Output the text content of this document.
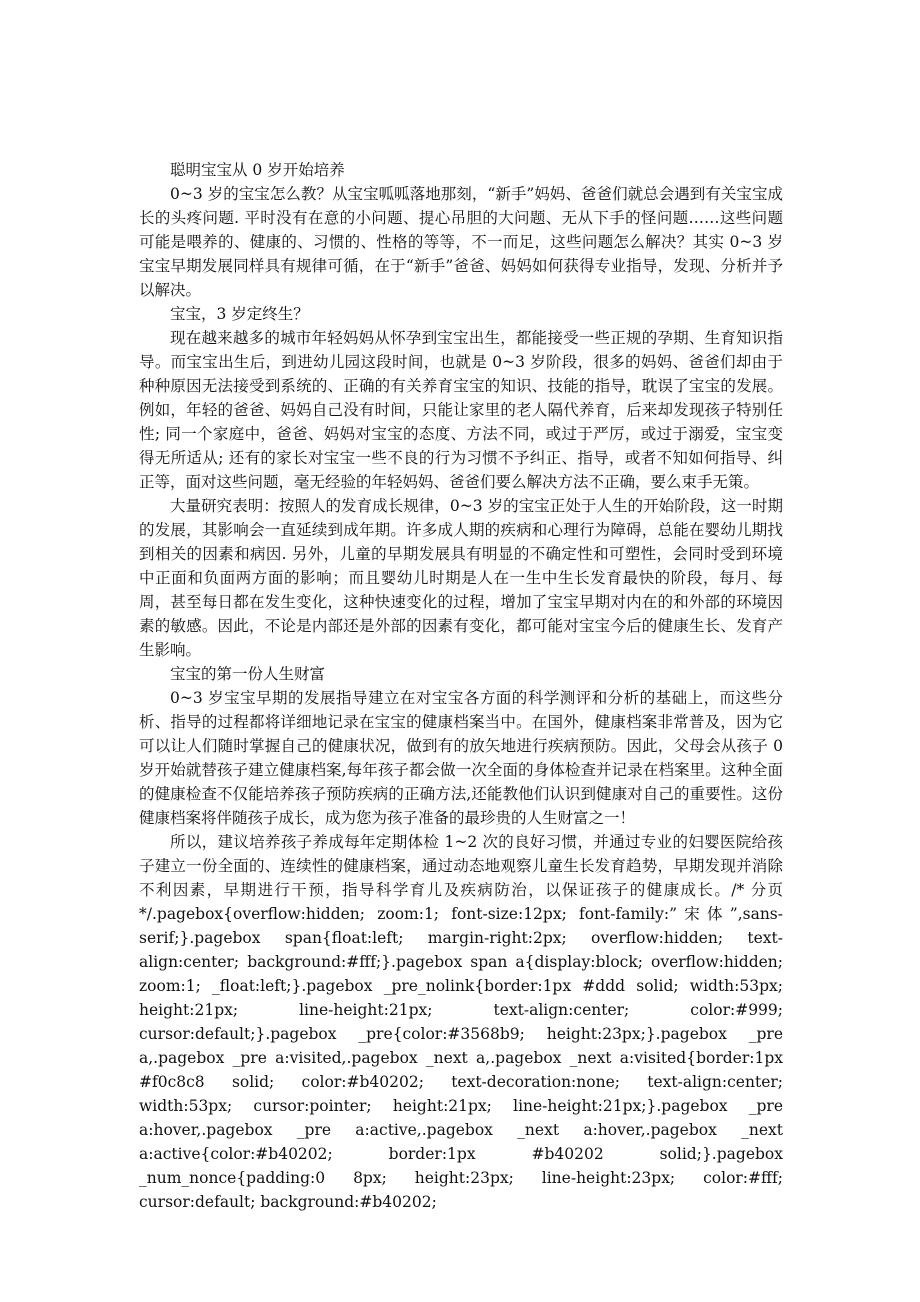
聪明宝宝从 0 岁开始培养

0~3 岁的宝宝怎么教？从宝宝呱呱落地那刻，“新手”妈妈、爸爸们就总会遇到有关宝宝成长的头疼问题. 平时没有在意的小问题、提心吊胆的大问题、无从下手的怪问题……这些问题可能是喂养的、健康的、习惯的、性格的等等，不一而足，这些问题怎么解决？其实 0~3 岁宝宝早期发展同样具有规律可循，在于“新手”爸爸、妈妈如何获得专业指导，发现、分析并予以解决。

宝宝，3 岁定终生？

现在越来越多的城市年轻妈妈从怀孕到宝宝出生，都能接受一些正规的孕期、生育知识指导。而宝宝出生后，到进幼儿园这段时间，也就是 0~3 岁阶段，很多的妈妈、爸爸们却由于种种原因无法接受到系统的、正确的有关养育宝宝的知识、技能的指导，耽误了宝宝的发展。例如，年轻的爸爸、妈妈自己没有时间，只能让家里的老人隔代养育，后来却发现孩子特别任性; 同一个家庭中，爸爸、妈妈对宝宝的态度、方法不同，或过于严厉，或过于溺爱，宝宝变得无所适从; 还有的家长对宝宝一些不良的行为习惯不予纠正、指导，或者不知如何指导、纠正等，面对这些问题，毫无经验的年轻妈妈、爸爸们要么解决方法不正确，要么束手无策。

大量研究表明：按照人的发育成长规律，0~3 岁的宝宝正处于人生的开始阶段，这一时期的发展，其影响会一直延续到成年期。许多成人期的疾病和心理行为障碍，总能在婴幼儿期找到相关的因素和病因. 另外，儿童的早期发展具有明显的不确定性和可塑性，会同时受到环境中正面和负面两方面的影响；而且婴幼儿时期是人在一生中生长发育最快的阶段，每月、每周，甚至每日都在发生变化，这种快速变化的过程，增加了宝宝早期对内在的和外部的环境因素的敏感。因此，不论是内部还是外部的因素有变化，都可能对宝宝今后的健康生长、发育产生影响。

宝宝的第一份人生财富

0~3 岁宝宝早期的发展指导建立在对宝宝各方面的科学测评和分析的基础上，而这些分析、指导的过程都将详细地记录在宝宝的健康档案当中。在国外，健康档案非常普及，因为它可以让人们随时掌握自己的健康状况，做到有的放矢地进行疾病预防。因此，父母会从孩子 0 岁开始就替孩子建立健康档案,每年孩子都会做一次全面的身体检查并记录在档案里。这种全面的健康检查不仅能培养孩子预防疾病的正确方法,还能教他们认识到健康对自己的重要性。这份健康档案将伴随孩子成长，成为您为孩子准备的最珍贵的人生财富之一！

所以，建议培养孩子养成每年定期体检 1~2 次的良好习惯，并通过专业的妇婴医院给孩子建立一份全面的、连续性的健康档案，通过动态地观察儿童生长发育趋势，早期发现并消除不利因素，早期进行干预，指导科学育儿及疾病防治，以保证孩子的健康成长。/* 分页 */.pagebox{overflow:hidden; zoom:1; font-size:12px; font-family:”宋体”,sans-serif;}.pagebox span{float:left; margin-right:2px; overflow:hidden; text-align:center; background:#fff;}.pagebox span a{display:block; overflow:hidden; zoom:1; _float:left;}.pagebox _pre_nolink{border:1px #ddd solid; width:53px; height:21px; line-height:21px; text-align:center; color:#999; cursor:default;}.pagebox _pre{color:#3568b9; height:23px;}.pagebox _pre a,.pagebox _pre a:visited,.pagebox _next a,.pagebox _next a:visited{border:1px #f0c8c8 solid; color:#b40202; text-decoration:none; text-align:center; width:53px; cursor:pointer; height:21px; line-height:21px;}.pagebox _pre a:hover,.pagebox _pre a:active,.pagebox _next a:hover,.pagebox _next a:active{color:#b40202; border:1px #b40202 solid;}.pagebox _num_nonce{padding:0 8px; height:23px; line-height:23px; color:#fff; cursor:default; background:#b40202;
